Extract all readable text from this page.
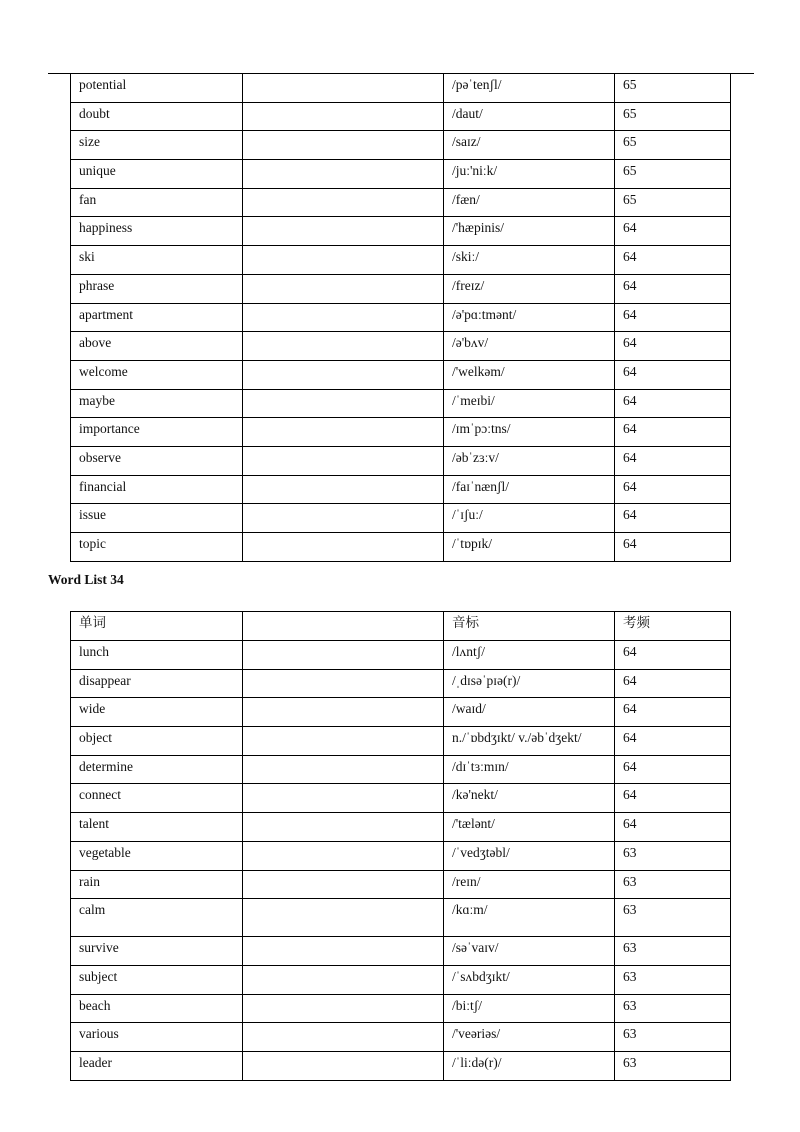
potential		/pəˈtenʃl/	65
doubt		/daut/	65
size		/saɪz/	65
unique		/juː'niːk/	65
fan		/fæn/	65
happiness		/'hæpinis/	64
ski		/skiː/	64
phrase		/freɪz/	64
apartment		/ə'pɑːtmənt/	64
above		/ə'bʌv/	64
welcome		/'welkəm/	64
maybe		/ˈmeɪbi/	64
importance		/ɪmˈpɔːtns/	64
observe		/əbˈzɜːv/	64
financial		/faɪˈnænʃl/	64
issue		/ˈɪʃuː/	64
topic		/ˈtɒpɪk/	64
Word List 34
单词		音标	考频
lunch		/lʌntʃ/	64
disappear		/ˌdɪsəˈpɪə(r)/	64
wide		/waɪd/	64
object		n./ˈɒbdʒɪkt/ v./əbˈdʒekt/	64
determine		/dɪˈtɜːmɪn/	64
connect		/kə'nekt/	64
talent		/'tælənt/	64
vegetable		/ˈvedʒtəbl/	63
rain		/reɪn/	63
calm		/kɑːm/	63
survive		/səˈvaɪv/	63
subject		/ˈsʌbdʒɪkt/	63
beach		/biːtʃ/	63
various		/'veəriəs/	63
leader		/ˈliːdə(r)/	63
